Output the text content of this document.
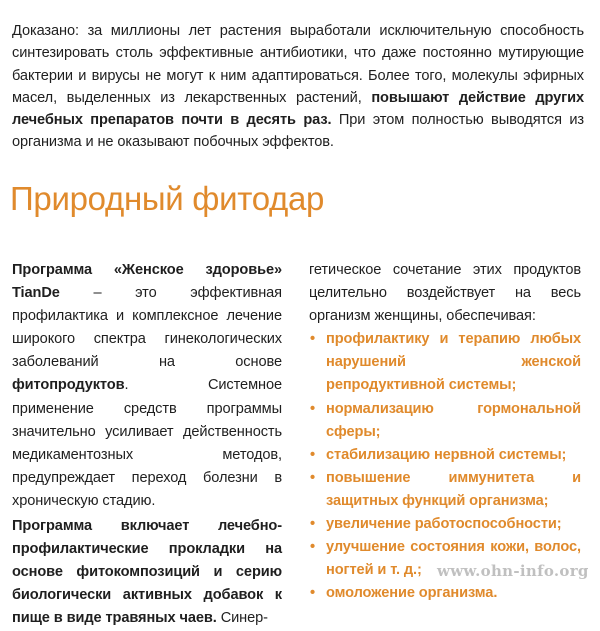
Доказано: за миллионы лет растения выработали исключительную способность синтезировать столь эффективные антибиотики, что даже постоянно мутирующие бактерии и вирусы не могут к ним адаптироваться. Более того, молекулы эфирных масел, выделенных из лекарственных растений, повышают действие других лечебных препаратов почти в десять раз. При этом полностью выводятся из организма и не оказывают побочных эффектов.

Природный фитодар

Программа «Женское здоровье» TianDe – это эффективная профилактика и комплексное лечение широкого спектра гинекологических заболеваний на основе фитопродуктов. Системное применение средств программы значительно усиливает действенность медикаментозных методов, предупреждает переход болезни в хроническую стадию.

Программа включает лечебно-профилактические прокладки на основе фитокомпозиций и серию биологически активных добавок к пище в виде травяных чаев. Синер-

гетическое сочетание этих продуктов целительно воздействует на весь организм женщины, обеспечивая:

• профилактику и терапию любых нарушений женской репродуктивной системы;
• нормализацию гормональной сферы;
• стабилизацию нервной системы;
• повышение иммунитета и защитных функций организма;
• увеличение работоспособности;
• улучшение состояния кожи, волос, ногтей и т. д.;
• омоложение организма.
www.ohn-info.org
